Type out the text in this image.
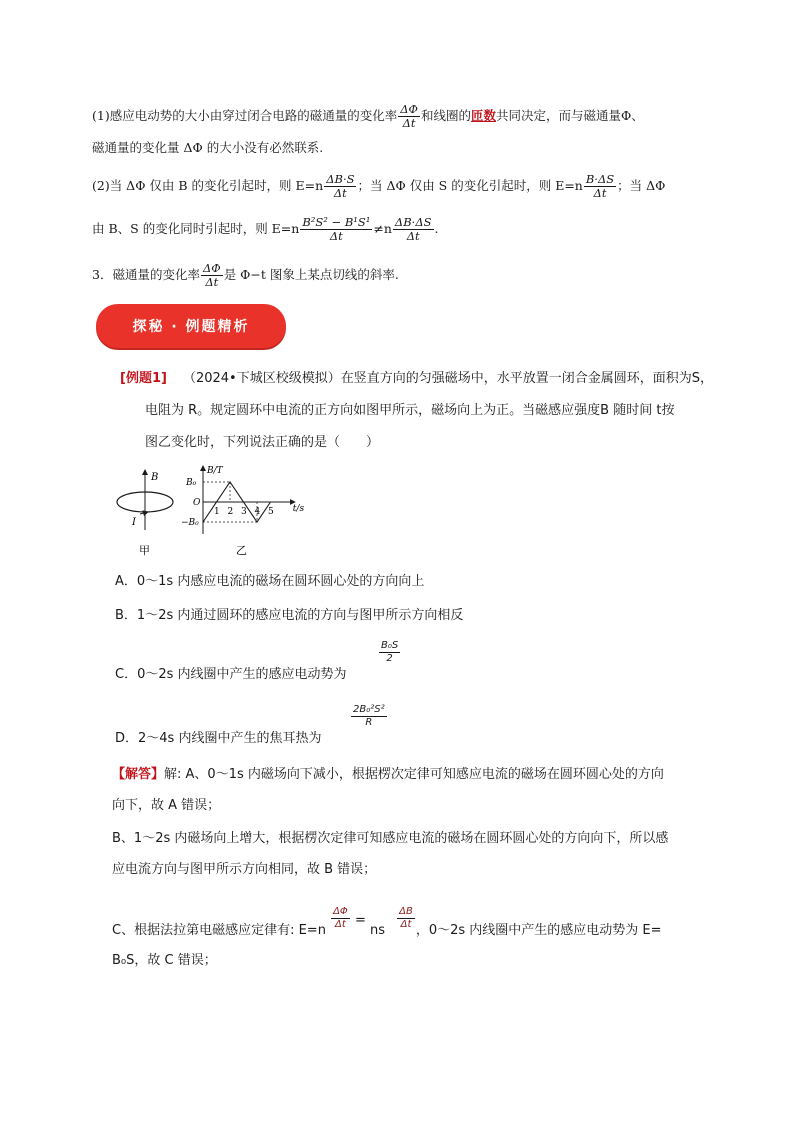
(1)感应电动势的大小由穿过闭合电路的磁通量的变化率 $\frac{\Delta\Phi}{\Delta t}$ 和线圈的匝数共同决定，而与磁通量Φ、
磁通量的变化量 ΔΦ 的大小没有必然联系.
(2)当 ΔΦ 仅由 B 的变化引起时，则 $E=n \frac{\Delta B\cdot S}{\Delta t}$ ；当 ΔΦ 仅由 S 的变化引起时，则 $E=n \frac{B\cdot\Delta S}{\Delta t}$ ；当 ΔΦ
由 B、S 的变化同时引起时，则 $E=n \frac{\text{B²S² − B¹S¹}}{\Delta t} \ne n \frac{\Delta B\cdot\Delta S}{\Delta t}$ .
3．磁通量的变化率 $\frac{\Delta\Phi}{\Delta t}$ 是 Φ−t 图象上某点切线的斜率.
探秘 · 例题精析
[例题1] （2024•下城区校级模拟）在竖直方向的匀强磁场中，水平放置一闭合金属圆环，面积为S，
电阻为 R。规定圆环中电流的正方向如图甲所示，磁场向上为正。当磁感应强度B 随时间 t按
图乙变化时，下列说法正确的是（　　）
B
I
甲
B/T
t/s
B₀
−B₀
O
1 2 3 4 5
乙
A．0～1s 内感应电流的磁场在圆环圆心处的方向向上
B．1～2s 内通过圆环的感应电流的方向与图甲所示方向相反
C．0～2s 内线圈中产生的感应电动势为
$\frac{\text{B₀S}}{2}$
D．2～4s 内线圈中产生的焦耳热为
$\frac{\text{2B₀²S²}}{R}$
【解答】解: A、0～1s 内磁场向下减小，根据楞次定律可知感应电流的磁场在圆环圆心处的方向
向下，故 A 错误；
B、1～2s 内磁场向上增大，根据楞次定律可知感应电流的磁场在圆环圆心处的方向向下，所以感
应电流方向与图甲所示方向相同，故 B 错误；
C、根据法拉第电磁感应定律有: $E=n \frac{\Delta\Phi}{\Delta t}$ = ns $\frac{\Delta B}{\Delta t}$ ，0～2s 内线圈中产生的感应电动势为 E=
B₀S，故 C 错误；
